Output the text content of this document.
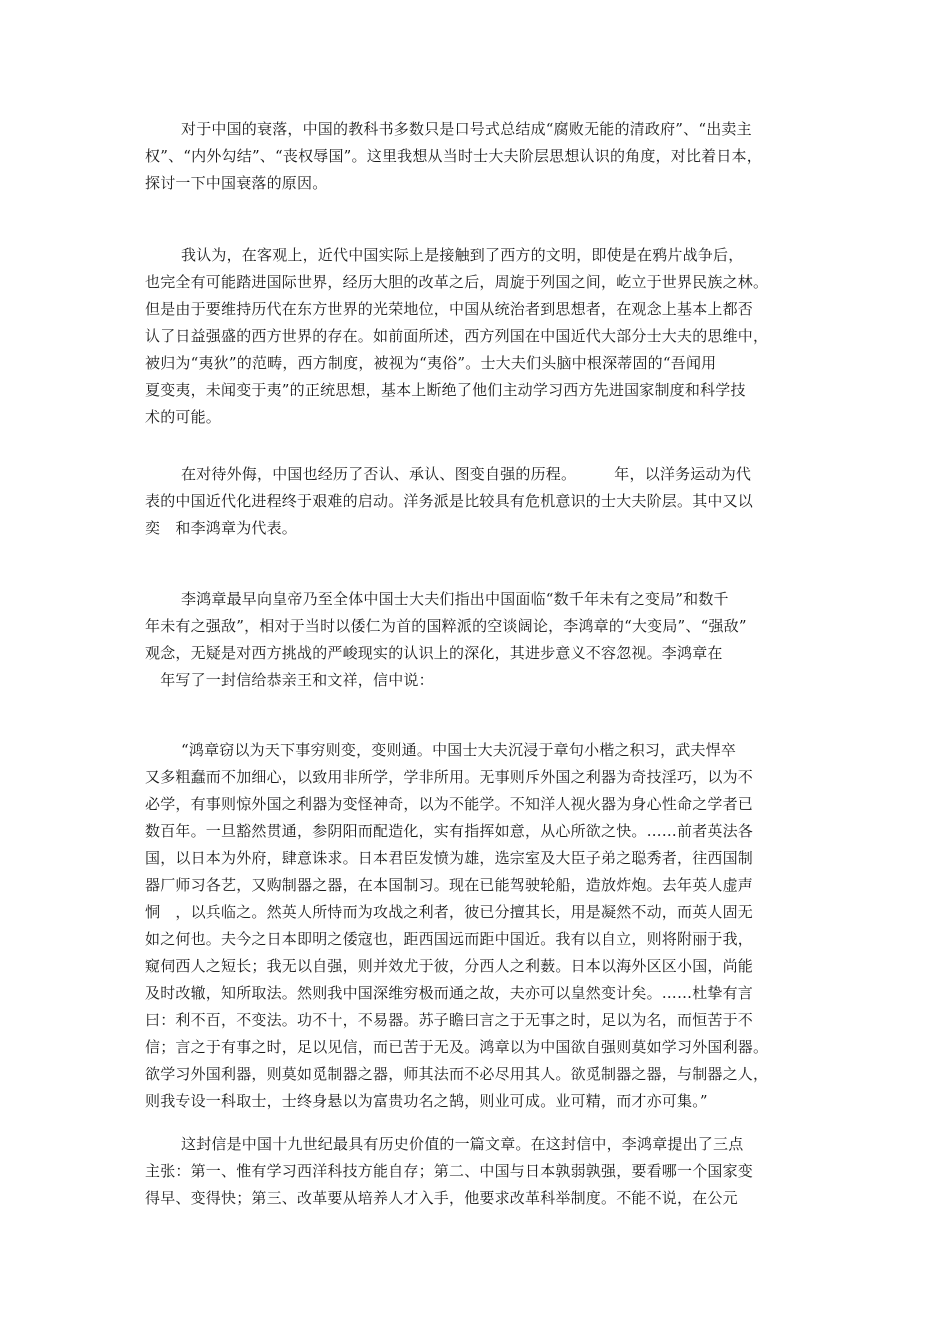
对于中国的衰落，中国的教科书多数只是口号式总结成“腐败无能的清政府”、“出卖主
权”、“内外勾结”、“丧权辱国”。这里我想从当时士大夫阶层思想认识的角度，对比着日本，
探讨一下中国衰落的原因。

我认为，在客观上，近代中国实际上是接触到了西方的文明，即使是在鸦片战争后，
也完全有可能踏进国际世界，经历大胆的改革之后，周旋于列国之间，屹立于世界民族之林。
但是由于要维持历代在东方世界的光荣地位，中国从统治者到思想者，在观念上基本上都否
认了日益强盛的西方世界的存在。如前面所述，西方列国在中国近代大部分士大夫的思维中，
被归为“夷狄”的范畴，西方制度，被视为“夷俗”。士大夫们头脑中根深蒂固的“吾闻用
夏变夷，未闻变于夷”的正统思想，基本上断绝了他们主动学习西方先进国家制度和科学技
术的可能。

在对待外侮，中国也经历了否认、承认、图变自强的历程。　　　年，以洋务运动为代
表的中国近代化进程终于艰难的启动。洋务派是比较具有危机意识的士大夫阶层。其中又以
奕　和李鸿章为代表。

李鸿章最早向皇帝乃至全体中国士大夫们指出中国面临“数千年未有之变局”和数千
年未有之强敌”，相对于当时以倭仁为首的国粹派的空谈阔论，李鸿章的“大变局”、“强敌”
观念，无疑是对西方挑战的严峻现实的认识上的深化，其进步意义不容忽视。李鸿章在
　年写了一封信给恭亲王和文祥，信中说：

“鸿章窃以为天下事穷则变，变则通。中国士大夫沉浸于章句小楷之积习，武夫悍卒
又多粗蠢而不加细心，以致用非所学，学非所用。无事则斥外国之利器为奇技淫巧，以为不
必学，有事则惊外国之利器为变怪神奇，以为不能学。不知洋人视火器为身心性命之学者已
数百年。一旦豁然贯通，参阴阳而配造化，实有指挥如意，从心所欲之快。……前者英法各
国，以日本为外府，肆意诛求。日本君臣发愤为雄，选宗室及大臣子弟之聪秀者，往西国制
器厂师习各艺，又购制器之器，在本国制习。现在已能驾驶轮船，造放炸炮。去年英人虚声
恫　，以兵临之。然英人所恃而为攻战之利者，彼已分擅其长，用是凝然不动，而英人固无
如之何也。夫今之日本即明之倭寇也，距西国远而距中国近。我有以自立，则将附丽于我，
窥伺西人之短长；我无以自强，则并效尤于彼，分西人之利薮。日本以海外区区小国，尚能
及时改辙，知所取法。然则我中国深维穷极而通之故，夫亦可以皇然变计矣。……杜挚有言
曰：利不百，不变法。功不十，不易器。苏子瞻曰言之于无事之时，足以为名，而恒苦于不
信；言之于有事之时，足以见信，而已苦于无及。鸿章以为中国欲自强则莫如学习外国利器。
欲学习外国利器，则莫如觅制器之器，师其法而不必尽用其人。欲觅制器之器，与制器之人，
则我专设一科取士，士终身悬以为富贵功名之鹄，则业可成。业可精，而才亦可集。”

这封信是中国十九世纪最具有历史价值的一篇文章。在这封信中，李鸿章提出了三点
主张：第一、惟有学习西洋科技方能自存；第二、中国与日本孰弱孰强，要看哪一个国家变
得早、变得快；第三、改革要从培养人才入手，他要求改革科举制度。不能不说，在公元
